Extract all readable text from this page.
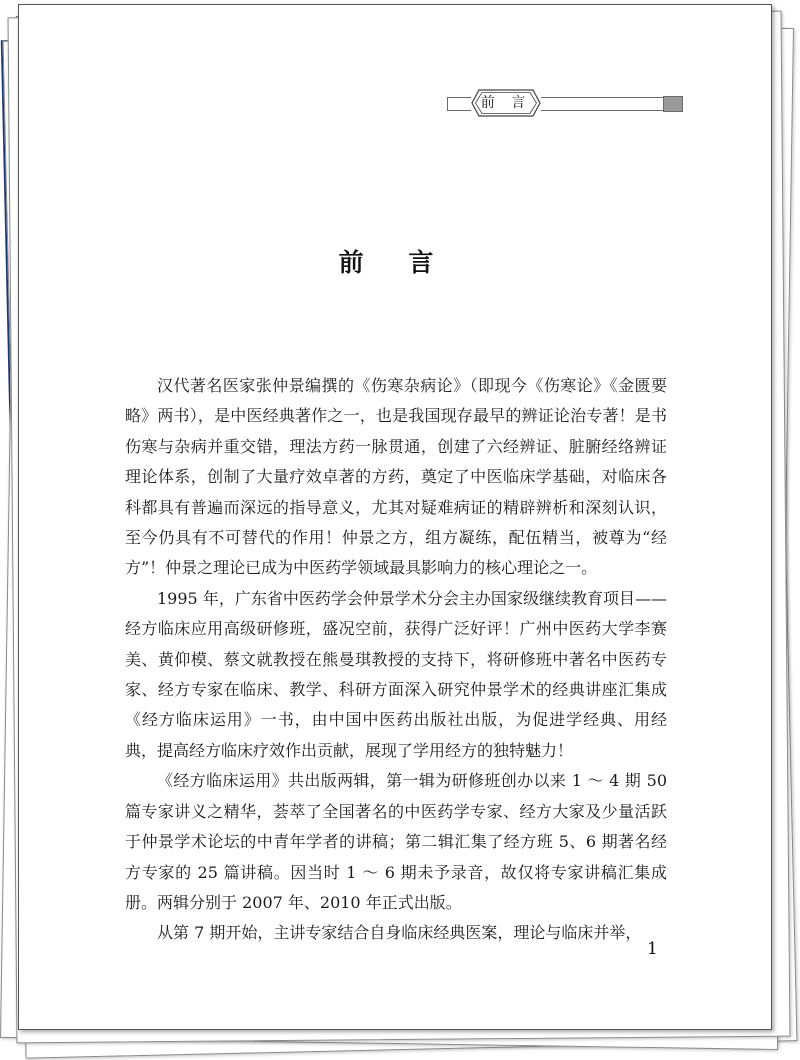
前 言
前 言

汉代著名医家张仲景编撰的《伤寒杂病论》（即现今《伤寒论》《金匮要略》两书），是中医经典著作之一，也是我国现存最早的辨证论治专著！是书伤寒与杂病并重交错，理法方药一脉贯通，创建了六经辨证、脏腑经络辨证理论体系，创制了大量疗效卓著的方药，奠定了中医临床学基础，对临床各科都具有普遍而深远的指导意义，尤其对疑难病证的精辟辨析和深刻认识，至今仍具有不可替代的作用！仲景之方，组方凝练，配伍精当，被尊为“经方”！仲景之理论已成为中医药学领域最具影响力的核心理论之一。

1995 年，广东省中医药学会仲景学术分会主办国家级继续教育项目——经方临床应用高级研修班，盛况空前，获得广泛好评！广州中医药大学李赛美、黄仰模、蔡文就教授在熊曼琪教授的支持下，将研修班中著名中医药专家、经方专家在临床、教学、科研方面深入研究仲景学术的经典讲座汇集成《经方临床运用》一书，由中国中医药出版社出版，为促进学经典、用经典，提高经方临床疗效作出贡献，展现了学用经方的独特魅力！

《经方临床运用》共出版两辑，第一辑为研修班创办以来 1 ～ 4 期 50 篇专家讲义之精华，荟萃了全国著名的中医药学专家、经方大家及少量活跃于仲景学术论坛的中青年学者的讲稿；第二辑汇集了经方班 5、6 期著名经方专家的 25 篇讲稿。因当时 1 ～ 6 期未予录音，故仅将专家讲稿汇集成册。两辑分别于 2007 年、2010 年正式出版。

从第 7 期开始，主讲专家结合自身临床经典医案，理论与临床并举，

1
